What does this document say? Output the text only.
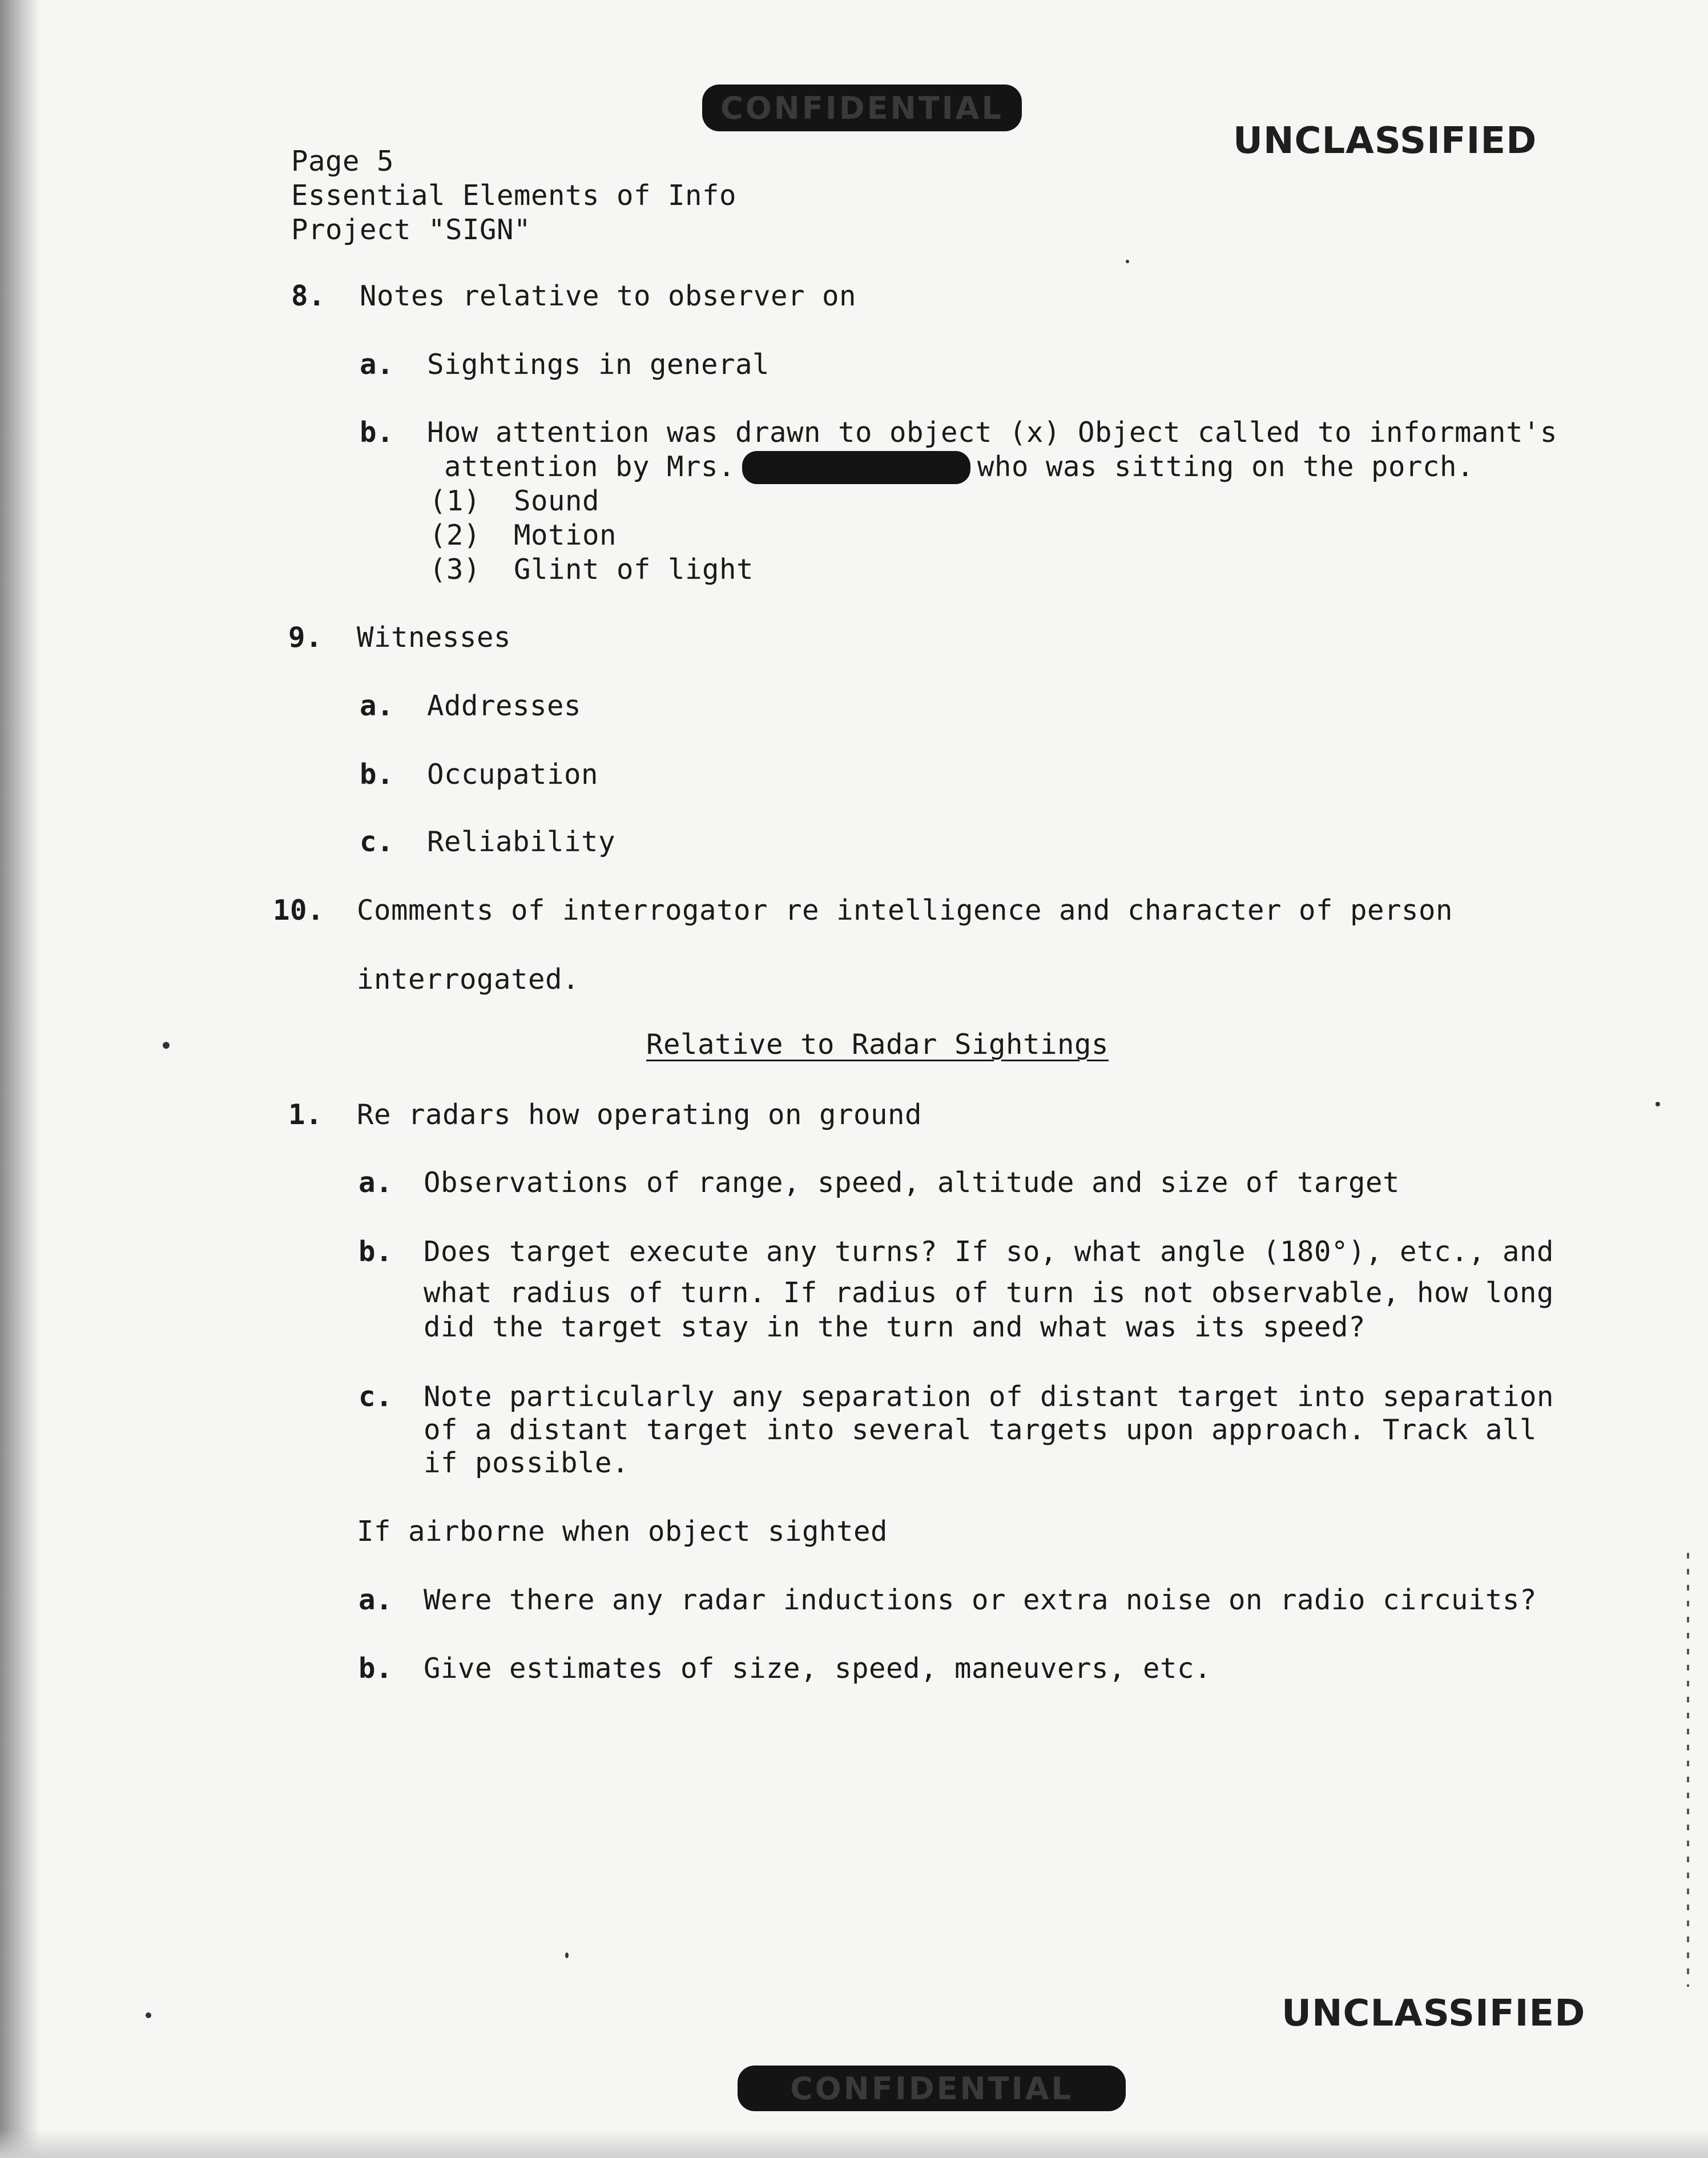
CONFIDENTIAL
UNCLASSIFIED
Page 5
Essential Elements of Info
Project "SIGN"
8. Notes relative to observer on
a. Sightings in general
b. How attention was drawn to object (x) Object called to informant's
attention by Mrs.	who was sitting on the porch.
(1) Sound
(2) Motion
(3) Glint of light
9. Witnesses
a. Addresses
b. Occupation
c. Reliability
10. Comments of interrogator re intelligence and character of person
interrogated.
Relative to Radar Sightings
1. Re radars how operating on ground
a. Observations of range, speed, altitude and size of target
b. Does target execute any turns? If so, what angle (180°), etc., and
what radius of turn. If radius of turn is not observable, how long
did the target stay in the turn and what was its speed?
c. Note particularly any separation of distant target into separation
of a distant target into several targets upon approach. Track all
if possible.
If airborne when object sighted
a. Were there any radar inductions or extra noise on radio circuits?
b. Give estimates of size, speed, maneuvers, etc.
UNCLASSIFIED
CONFIDENTIAL
